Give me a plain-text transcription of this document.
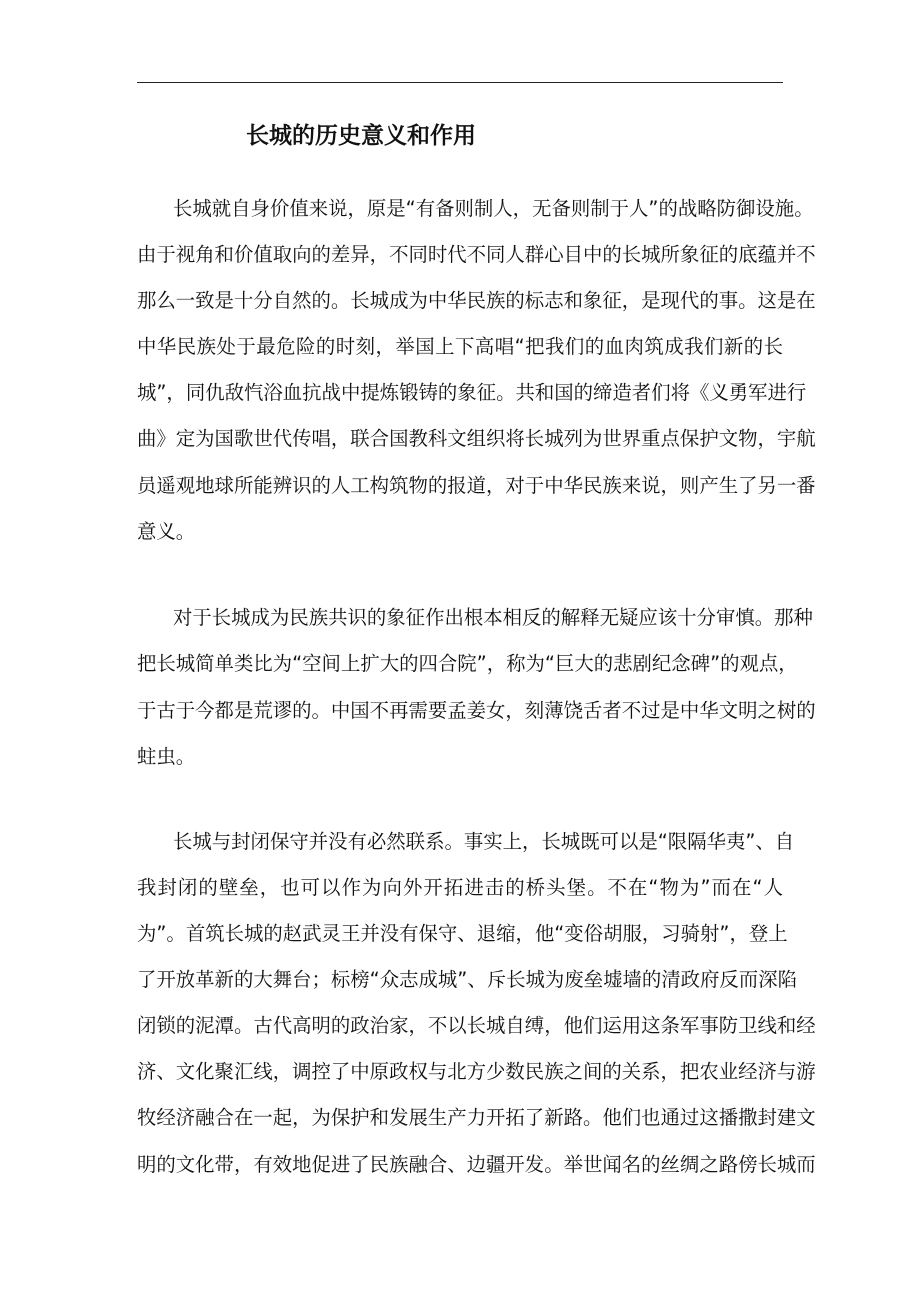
长城的历史意义和作用
长城就自身价值来说，原是“有备则制人，无备则制于人”的战略防御设施。
由于视角和价值取向的差异，不同时代不同人群心目中的长城所象征的底蕴并不
那么一致是十分自然的。长城成为中华民族的标志和象征，是现代的事。这是在
中华民族处于最危险的时刻，举国上下高唱“把我们的血肉筑成我们新的长
城”，同仇敌忾浴血抗战中提炼锻铸的象征。共和国的缔造者们将《义勇军进行
曲》定为国歌世代传唱，联合国教科文组织将长城列为世界重点保护文物，宇航
员遥观地球所能辨识的人工构筑物的报道，对于中华民族来说，则产生了另一番
意义。
对于长城成为民族共识的象征作出根本相反的解释无疑应该十分审慎。那种
把长城简单类比为“空间上扩大的四合院”，称为“巨大的悲剧纪念碑”的观点，
于古于今都是荒谬的。中国不再需要孟姜女，刻薄饶舌者不过是中华文明之树的
蛀虫。
长城与封闭保守并没有必然联系。事实上，长城既可以是“限隔华夷”、自
我封闭的壁垒，也可以作为向外开拓进击的桥头堡。不在“物为”而在“人
为”。首筑长城的赵武灵王并没有保守、退缩，他“变俗胡服，习骑射”，登上
了开放革新的大舞台；标榜“众志成城”、斥长城为废垒墟墙的清政府反而深陷
闭锁的泥潭。古代高明的政治家，不以长城自缚，他们运用这条军事防卫线和经
济、文化聚汇线，调控了中原政权与北方少数民族之间的关系，把农业经济与游
牧经济融合在一起，为保护和发展生产力开拓了新路。他们也通过这播撒封建文
明的文化带，有效地促进了民族融合、边疆开发。举世闻名的丝绸之路傍长城而
